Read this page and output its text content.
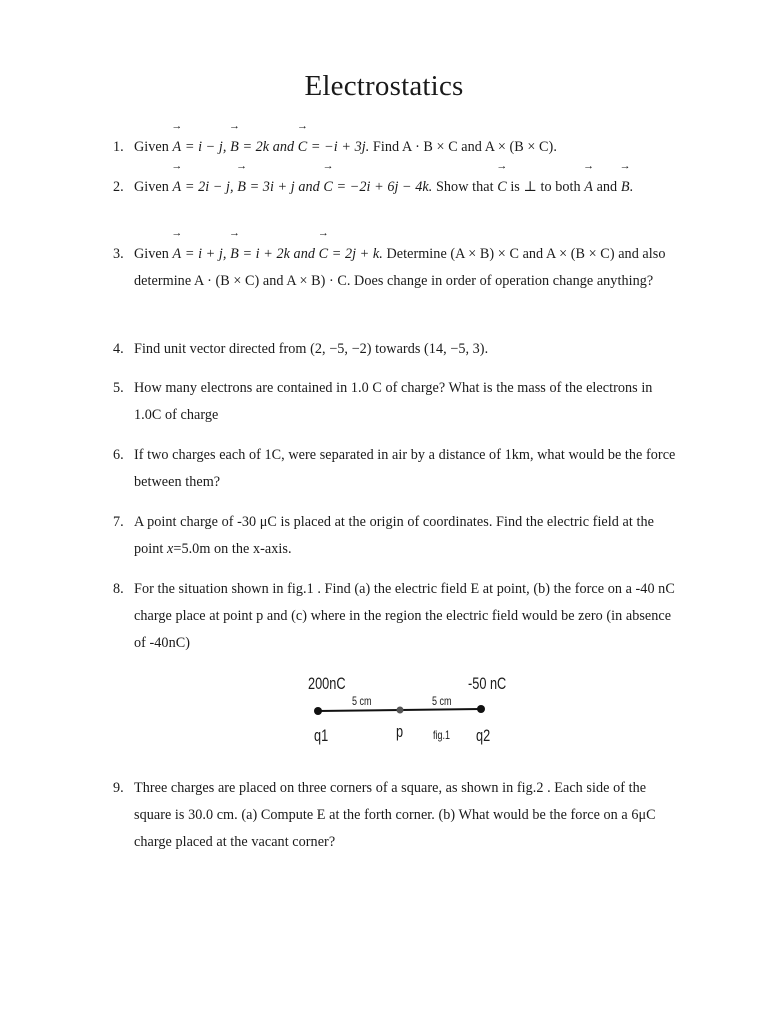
Electrostatics
1. Given → A = i − j, → B = 2k and → C = −i + 3j. Find A · B × C and A × (B × C).
2. Given → A = 2i − j, → B = 3i + j and → C = −2i + 6j − 4k. Show that → C is ⊥ to both → A and → B.
3. Given → A = i + j, → B = i + 2k and → C = 2j + k. Determine (A × B) × C and A × (B × C) and also determine A · (B × C) and A × B) · C. Does change in order of operation change anything?
4. Find unit vector directed from (2, −5, −2) towards (14, −5, 3).
5. How many electrons are contained in 1.0 C of charge? What is the mass of the electrons in 1.0C of charge
6. If two charges each of 1C, were separated in air by a distance of 1km, what would be the force between them?
7. A point charge of -30 μC is placed at the origin of coordinates. Find the electric field at the point x=5.0m on the x-axis.
8. For the situation shown in fig.1 . Find (a) the electric field E at point, (b) the force on a -40 nC charge place at point p and (c) where in the region the electric field would be zero (in absence of -40nC)
200nC	-50 nC
5 cm	5 cm
q1	p fig.1 q2
9. Three charges are placed on three corners of a square, as shown in fig.2 . Each side of the square is 30.0 cm. (a) Compute E at the forth corner. (b) What would be the force on a 6μC charge placed at the vacant corner?
